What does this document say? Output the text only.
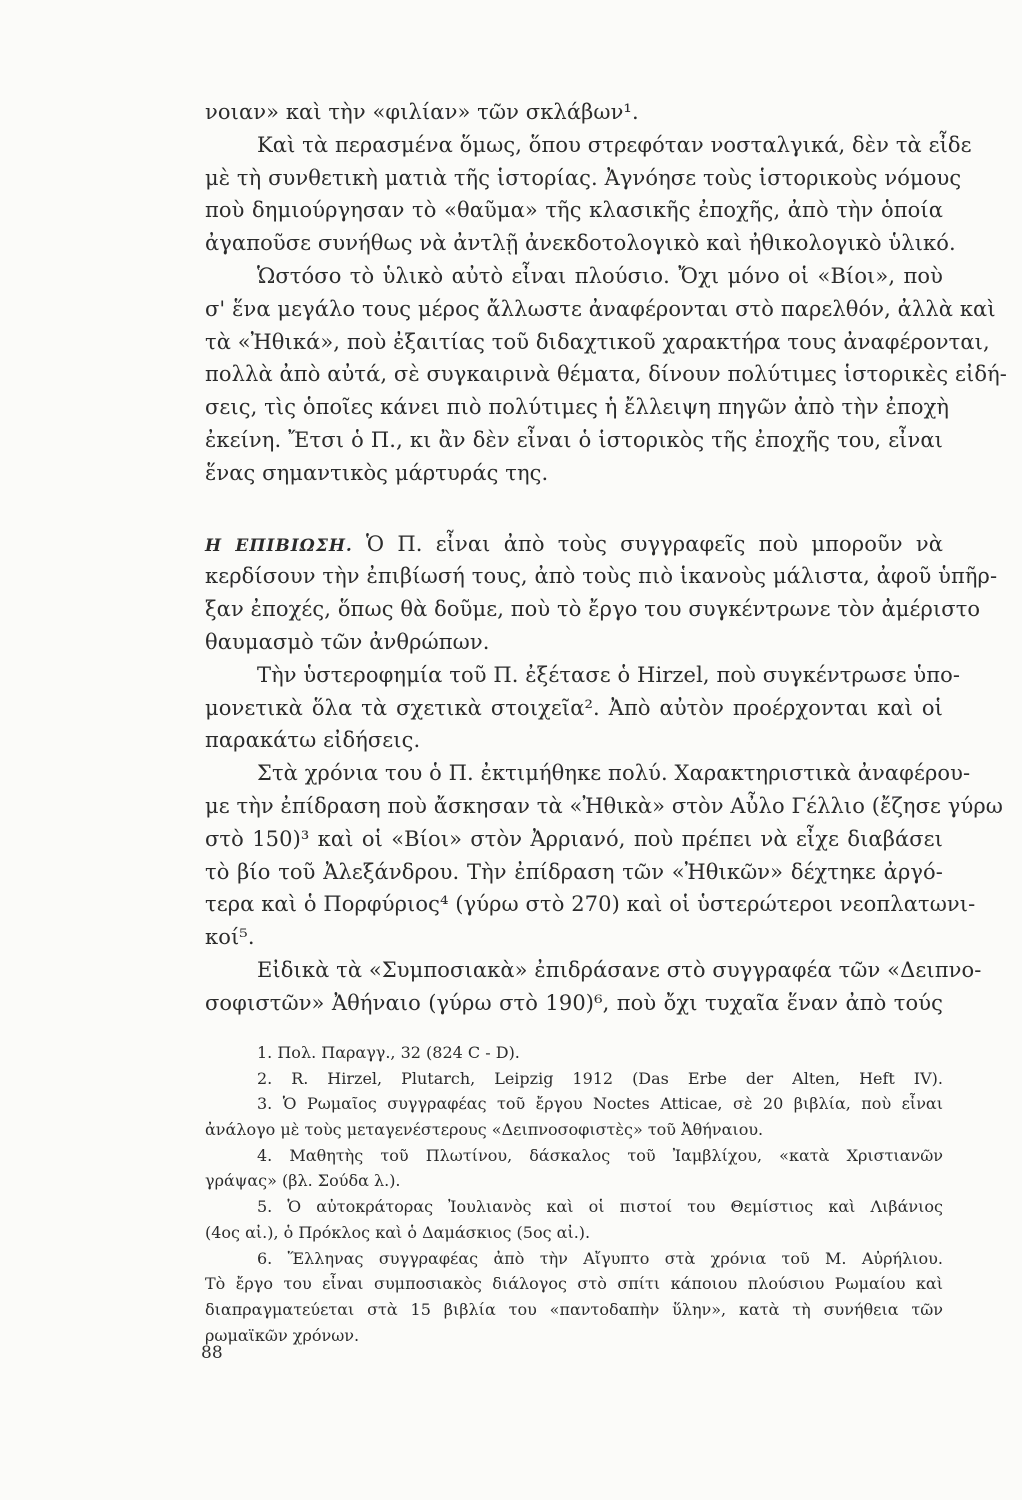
νοιαν» καὶ τὴν «φιλίαν» τῶν σκλάβων¹.
Καὶ τὰ περασμένα ὅμως, ὅπου στρεφόταν νοσταλγικά, δὲν τὰ εἶδε
μὲ τὴ συνθετικὴ ματιὰ τῆς ἱστορίας. Ἀγνόησε τοὺς ἱστορικοὺς νόμους
ποὺ δημιούργησαν τὸ «θαῦμα» τῆς κλασικῆς ἐποχῆς, ἀπὸ τὴν ὁποία
ἀγαποῦσε συνήθως νὰ ἀντλῇ ἀνεκδοτολογικὸ καὶ ἠθικολογικὸ ὑλικό.
Ὡστόσο τὸ ὑλικὸ αὐτὸ εἶναι πλούσιο. Ὄχι μόνο οἱ «Βίοι», ποὺ
σ' ἕνα μεγάλο τους μέρος ἄλλωστε ἀναφέρονται στὸ παρελθόν, ἀλλὰ καὶ
τὰ «Ἠθικά», ποὺ ἐξαιτίας τοῦ διδαχτικοῦ χαρακτήρα τους ἀναφέρονται,
πολλὰ ἀπὸ αὐτά, σὲ συγκαιρινὰ θέματα, δίνουν πολύτιμες ἱστορικὲς εἰδή-
σεις, τὶς ὁποῖες κάνει πιὸ πολύτιμες ἡ ἔλλειψη πηγῶν ἀπὸ τὴν ἐποχὴ
ἐκείνη. Ἔτσι ὁ Π., κι ἂν δὲν εἶναι ὁ ἱστορικὸς τῆς ἐποχῆς του, εἶναι
ἕνας σημαντικὸς μάρτυράς της.
Η ΕΠΙΒΙΩΣΗ. Ὁ Π. εἶναι ἀπὸ τοὺς συγγραφεῖς ποὺ μποροῦν νὰ
κερδίσουν τὴν ἐπιβίωσή τους, ἀπὸ τοὺς πιὸ ἱκανοὺς μάλιστα, ἀφοῦ ὑπῆρ-
ξαν ἐποχές, ὅπως θὰ δοῦμε, ποὺ τὸ ἔργο του συγκέντρωνε τὸν ἀμέριστο
θαυμασμὸ τῶν ἀνθρώπων.
Τὴν ὑστεροφημία τοῦ Π. ἐξέτασε ὁ Hirzel, ποὺ συγκέντρωσε ὑπο-
μονετικὰ ὅλα τὰ σχετικὰ στοιχεῖα². Ἀπὸ αὐτὸν προέρχονται καὶ οἱ
παρακάτω εἰδήσεις.
Στὰ χρόνια του ὁ Π. ἐκτιμήθηκε πολύ. Χαρακτηριστικὰ ἀναφέρου-
με τὴν ἐπίδραση ποὺ ἄσκησαν τὰ «Ἠθικὰ» στὸν Αὖλο Γέλλιο (ἔζησε γύρω
στὸ 150)³ καὶ οἱ «Βίοι» στὸν Ἀρριανό, ποὺ πρέπει νὰ εἶχε διαβάσει
τὸ βίο τοῦ Ἀλεξάνδρου. Τὴν ἐπίδραση τῶν «Ἠθικῶν» δέχτηκε ἀργό-
τερα καὶ ὁ Πορφύριος⁴ (γύρω στὸ 270) καὶ οἱ ὑστερώτεροι νεοπλατωνι-
κοί⁵.
Εἰδικὰ τὰ «Συμποσιακὰ» ἐπιδράσανε στὸ συγγραφέα τῶν «Δειπνο-
σοφιστῶν» Ἀθήναιο (γύρω στὸ 190)⁶, ποὺ ὄχι τυχαῖα ἕναν ἀπὸ τούς
1. Πολ. Παραγγ., 32 (824 C - D).
2. R. Hirzel, Plutarch, Leipzig 1912 (Das Erbe der Alten, Heft IV).
3. Ὁ Ρωμαῖος συγγραφέας τοῦ ἔργου Noctes Atticae, σὲ 20 βιβλία, ποὺ εἶναι
ἀνάλογο μὲ τοὺς μεταγενέστερους «Δειπνοσοφιστὲς» τοῦ Ἀθήναιου.
4. Μαθητὴς τοῦ Πλωτίνου, δάσκαλος τοῦ Ἰαμβλίχου, «κατὰ Χριστιανῶν
γράψας» (βλ. Σούδα λ.).
5. Ὁ αὐτοκράτορας Ἰουλιανὸς καὶ οἱ πιστοί του Θεμίστιος καὶ Λιβάνιος
(4ος αἰ.), ὁ Πρόκλος καὶ ὁ Δαμάσκιος (5ος αἰ.).
6. Ἕλληνας συγγραφέας ἀπὸ τὴν Αἴγυπτο στὰ χρόνια τοῦ Μ. Αὐρήλιου.
Τὸ ἔργο του εἶναι συμποσιακὸς διάλογος στὸ σπίτι κάποιου πλούσιου Ρωμαίου καὶ
διαπραγματεύεται στὰ 15 βιβλία του «παντοδαπὴν ὕλην», κατὰ τὴ συνήθεια τῶν
ρωμαϊκῶν χρόνων.
88
